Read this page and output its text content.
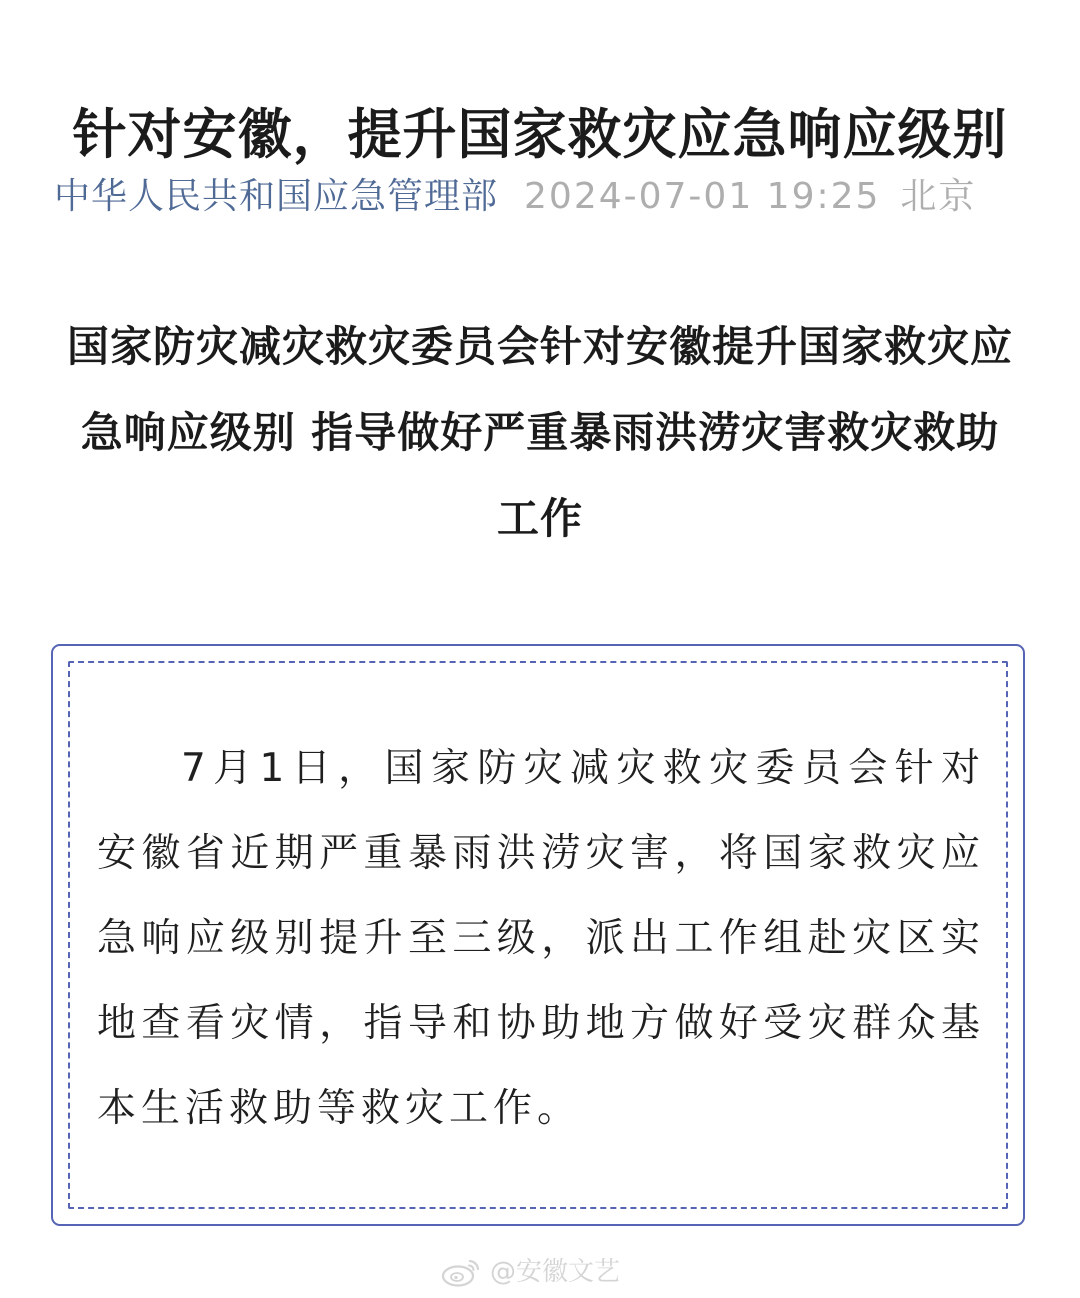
针对安徽，提升国家救灾应急响应级别
中华人民共和国应急管理部 2024-07-01 19:25 北京
国家防灾减灾救灾委员会针对安徽提升国家救灾应急响应级别 指导做好严重暴雨洪涝灾害救灾救助工作
7月1日，国家防灾减灾救灾委员会针对安徽省近期严重暴雨洪涝灾害，将国家救灾应急响应级别提升至三级，派出工作组赴灾区实地查看灾情，指导和协助地方做好受灾群众基本生活救助等救灾工作。
@安徽文艺
